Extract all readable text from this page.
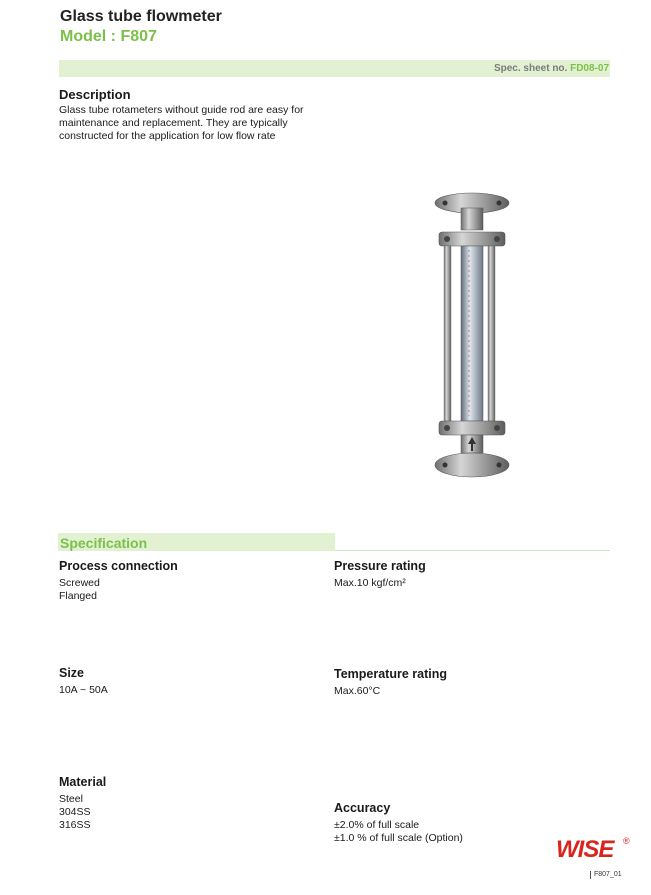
Glass tube flowmeter
Model : F807
Spec. sheet no. FD08-07
Description
Glass tube rotameters without guide rod are easy for
maintenance and replacement. They are typically
constructed for the application for low flow rate
Specification
Process connection
Screwed
Flanged
Pressure rating
Max.10 kgf/cm²
Size
10A ~ 50A
Temperature rating
Max.60°C
Material
Steel
304SS
316SS
Accuracy
±2.0% of full scale
±1.0 % of full scale (Option)	WISE ®
F807_01
